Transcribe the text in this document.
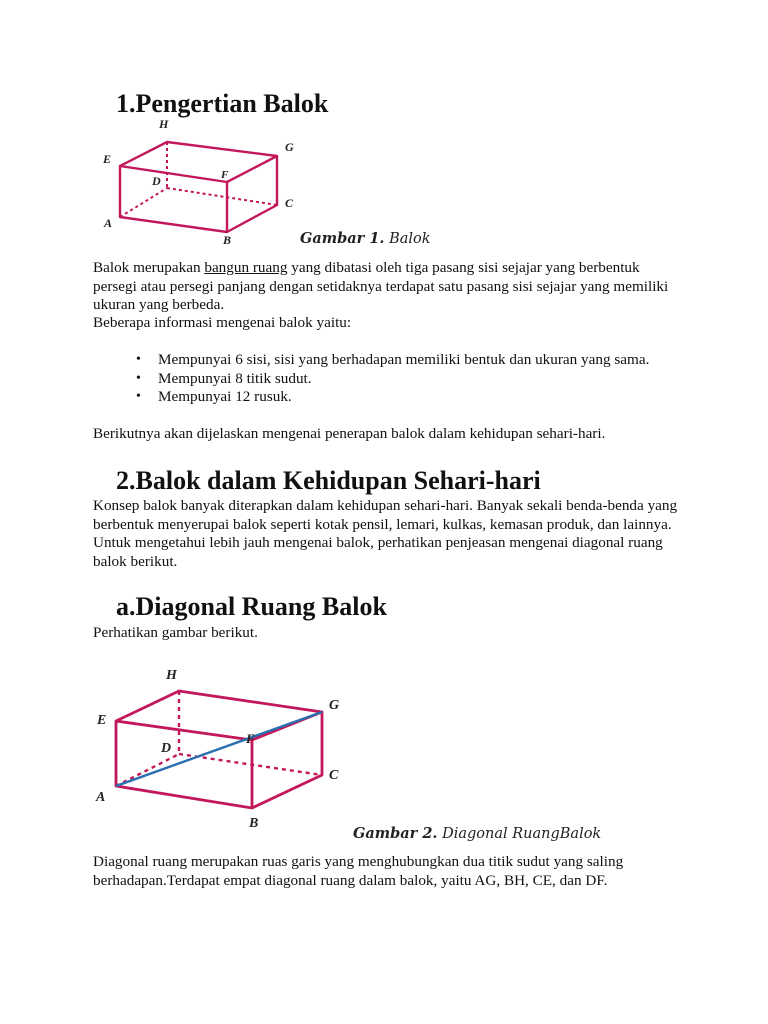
1.Pengertian Balok
H
G
E
F
D
C
A
B	Gambar 1. Balok

Balok merupakan bangun ruang yang dibatasi oleh tiga pasang sisi sejajar yang berbentuk persegi atau persegi panjang dengan setidaknya terdapat satu pasang sisi sejajar yang memiliki ukuran yang berbeda.

Beberapa informasi mengenai balok yaitu:

• Mempunyai 6 sisi, sisi yang berhadapan memiliki bentuk dan ukuran yang sama.
• Mempunyai 8 titik sudut.
• Mempunyai 12 rusuk.

Berikutnya akan dijelaskan mengenai penerapan balok dalam kehidupan sehari-hari.

2.Balok dalam Kehidupan Sehari-hari

Konsep balok banyak diterapkan dalam kehidupan sehari-hari. Banyak sekali benda-benda yang berbentuk menyerupai balok seperti kotak pensil, lemari, kulkas, kemasan produk, dan lainnya. Untuk mengetahui lebih jauh mengenai balok, perhatikan penjeasan mengenai diagonal ruang balok berikut.

a.Diagonal Ruang Balok

Perhatikan gambar berikut.

H
G
E
F
D
C
A
B
Gambar 2. Diagonal RuangBalok

Diagonal ruang merupakan ruas garis yang menghubungkan dua titik sudut yang saling berhadapan.Terdapat empat diagonal ruang dalam balok, yaitu AG, BH, CE, dan DF.
